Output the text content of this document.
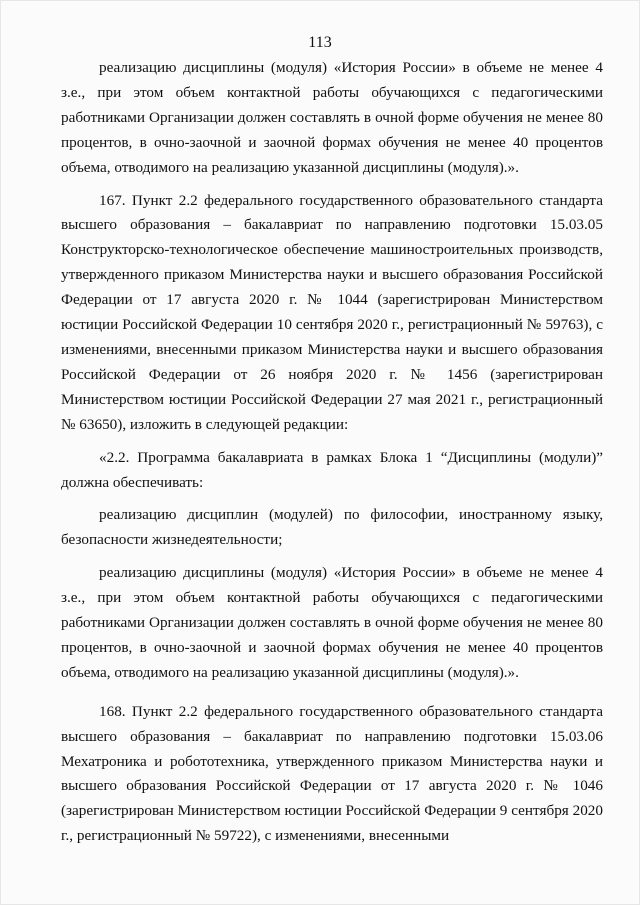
113

реализацию дисциплины (модуля) «История России» в объеме не менее 4 з.е., при этом объем контактной работы обучающихся с педагогическими работниками Организации должен составлять в очной форме обучения не менее 80 процентов, в очно-заочной и заочной формах обучения не менее 40 процентов объема, отводимого на реализацию указанной дисциплины (модуля).».

167. Пункт 2.2 федерального государственного образовательного стандарта высшего образования – бакалавриат по направлению подготовки 15.03.05 Конструкторско-технологическое обеспечение машиностроительных производств, утвержденного приказом Министерства науки и высшего образования Российской Федерации от 17 августа 2020 г. № 1044 (зарегистрирован Министерством юстиции Российской Федерации 10 сентября 2020 г., регистрационный № 59763), с изменениями, внесенными приказом Министерства науки и высшего образования Российской Федерации от 26 ноября 2020 г. № 1456 (зарегистрирован Министерством юстиции Российской Федерации 27 мая 2021 г., регистрационный № 63650), изложить в следующей редакции:

«2.2. Программа бакалавриата в рамках Блока 1 “Дисциплины (модули)” должна обеспечивать:

реализацию дисциплин (модулей) по философии, иностранному языку, безопасности жизнедеятельности;

реализацию дисциплины (модуля) «История России» в объеме не менее 4 з.е., при этом объем контактной работы обучающихся с педагогическими работниками Организации должен составлять в очной форме обучения не менее 80 процентов, в очно-заочной и заочной формах обучения не менее 40 процентов объема, отводимого на реализацию указанной дисциплины (модуля).».

168. Пункт 2.2 федерального государственного образовательного стандарта высшего образования – бакалавриат по направлению подготовки 15.03.06 Мехатроника и робототехника, утвержденного приказом Министерства науки и высшего образования Российской Федерации от 17 августа 2020 г. № 1046 (зарегистрирован Министерством юстиции Российской Федерации 9 сентября 2020 г., регистрационный № 59722), с изменениями, внесенными
